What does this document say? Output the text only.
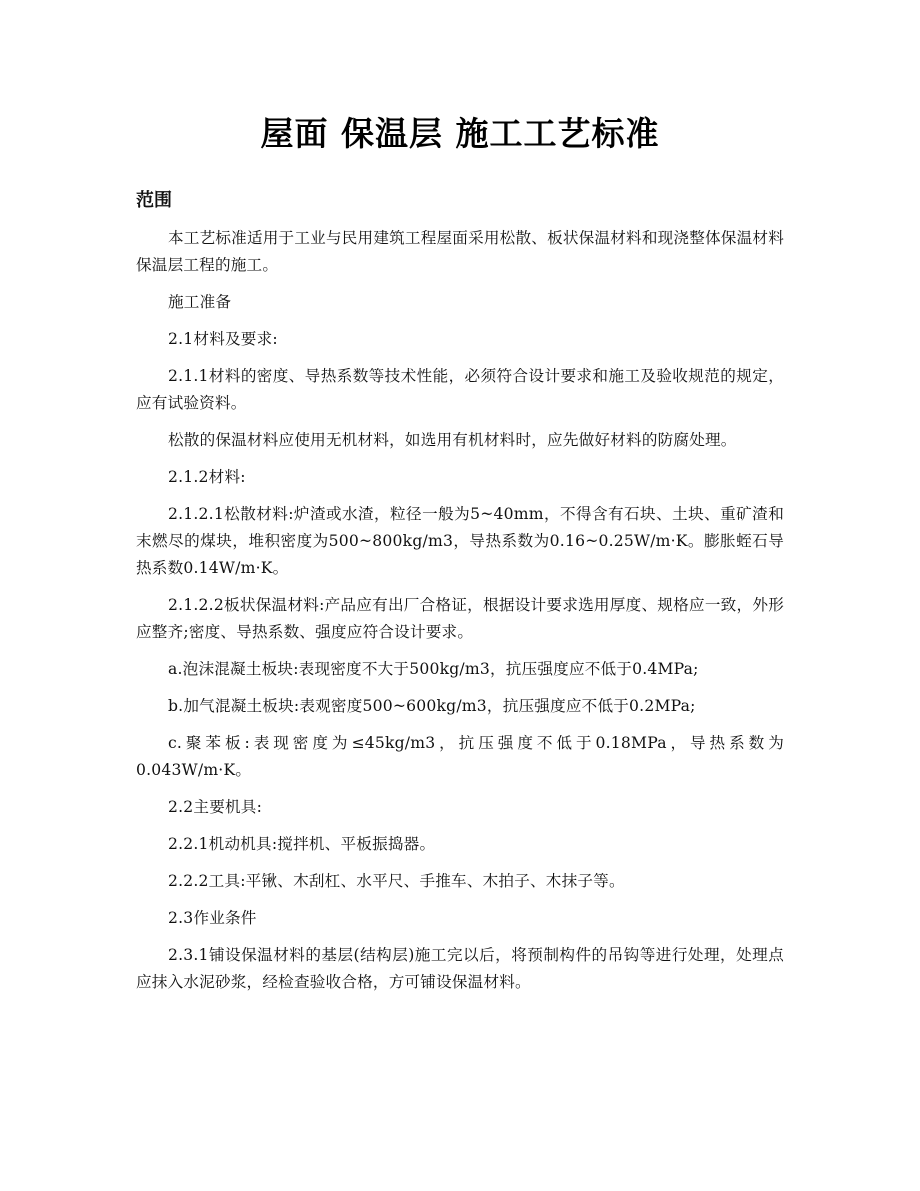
屋面 保温层 施工工艺标准
范围

本工艺标准适用于工业与民用建筑工程屋面采用松散、板状保温材料和现浇整体保温材料保温层工程的施工。

施工准备

2.1材料及要求:

2.1.1材料的密度、导热系数等技术性能，必须符合设计要求和施工及验收规范的规定，应有试验资料。

松散的保温材料应使用无机材料，如选用有机材料时，应先做好材料的防腐处理。

2.1.2材料:

2.1.2.1松散材料:炉渣或水渣，粒径一般为5~40mm，不得含有石块、土块、重矿渣和末燃尽的煤块，堆积密度为500~800kg/m3，导热系数为0.16~0.25W/m·K。膨胀蛭石导热系数0.14W/m·K。

2.1.2.2板状保温材料:产品应有出厂合格证，根据设计要求选用厚度、规格应一致，外形应整齐;密度、导热系数、强度应符合设计要求。

a.泡沫混凝土板块:表现密度不大于500kg/m3，抗压强度应不低于0.4MPa;

b.加气混凝土板块:表观密度500~600kg/m3，抗压强度应不低于0.2MPa;

c.聚苯板:表现密度为≤45kg/m3，抗压强度不低于0.18MPa，导热系数为0.043W/m·K。

2.2主要机具:

2.2.1机动机具:搅拌机、平板振捣器。

2.2.2工具:平锹、木刮杠、水平尺、手推车、木拍子、木抹子等。

2.3作业条件

2.3.1铺设保温材料的基层(结构层)施工完以后，将预制构件的吊钩等进行处理，处理点应抹入水泥砂浆，经检查验收合格，方可铺设保温材料。
